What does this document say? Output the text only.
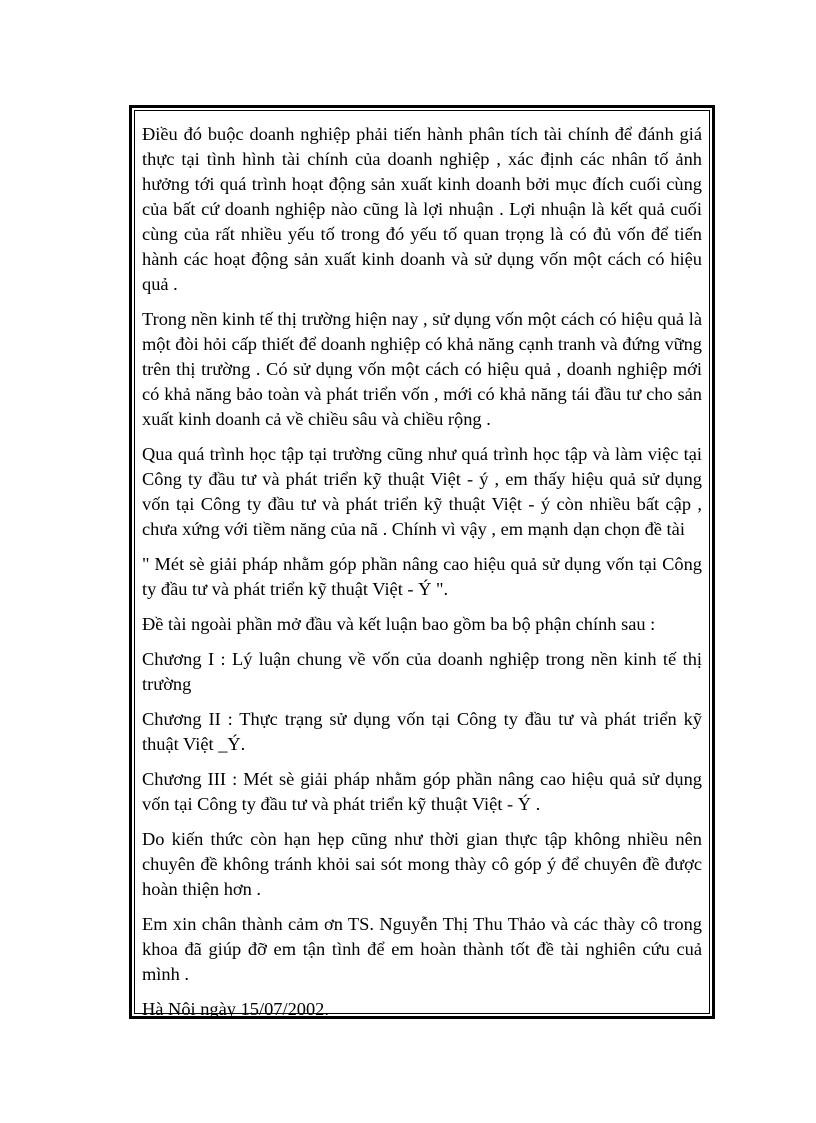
Điều đó buộc doanh nghiệp phải tiến hành phân tích tài chính để đánh giá thực tại tình hình tài chính của doanh nghiệp , xác định các nhân tố ảnh hưởng tới quá trình hoạt động sản xuất kinh doanh bởi mục đích cuối cùng của bất cứ doanh nghiệp nào cũng là lợi nhuận . Lợi nhuận là kết quả cuối cùng của rất nhiều yếu tố trong đó yếu tố quan trọng là có đủ vốn để tiến hành các hoạt động sản xuất kinh doanh và sử dụng vốn một cách có hiệu quả .

Trong nền kinh tế thị trường hiện nay , sử dụng vốn một cách có hiệu quả là một đòi hỏi cấp thiết để doanh nghiệp có khả năng cạnh tranh và đứng vững trên thị trường . Có sử dụng vốn một cách có hiệu quả , doanh nghiệp mới có khả năng bảo toàn và phát triển vốn , mới có khả năng tái đầu tư cho sản xuất kinh doanh cả về chiều sâu và chiều rộng .

Qua quá trình học tập tại trường cũng như quá trình học tập và làm việc tại Công ty đầu tư và phát triển kỹ thuật Việt - ý , em thấy hiệu quả sử dụng vốn tại Công ty đầu tư và phát triển kỹ thuật Việt - ý còn nhiều bất cập , chưa xứng với tiềm năng của nã . Chính vì vậy , em mạnh dạn chọn đề tài

" Mét sè giải pháp nhằm góp phần nâng cao hiệu quả sử dụng vốn tại Công ty đầu tư và phát triển kỹ thuật Việt - Ý ".

Đề tài ngoài phần mở đầu và kết luận bao gồm ba bộ phận chính sau :

Chương I : Lý luận chung về vốn của doanh nghiệp trong nền kinh tế thị trường

Chương II : Thực trạng sử dụng vốn tại Công ty đầu tư và phát triển kỹ thuật Việt _Ý.

Chương III : Mét sè giải pháp nhằm góp phần nâng cao hiệu quả sử dụng vốn tại Công ty đầu tư và phát triển kỹ thuật Việt - Ý .

Do kiến thức còn hạn hẹp cũng như thời gian thực tập không nhiều nên chuyên đề không tránh khỏi sai sót mong thày cô góp ý để chuyên đề được hoàn thiện hơn .

Em xin chân thành cảm ơn TS. Nguyễn Thị Thu Thảo và các thày cô trong khoa đã giúp đỡ em tận tình để em hoàn thành tốt đề tài nghiên cứu cuả mình .

Hà Nội ngày 15/07/2002.
